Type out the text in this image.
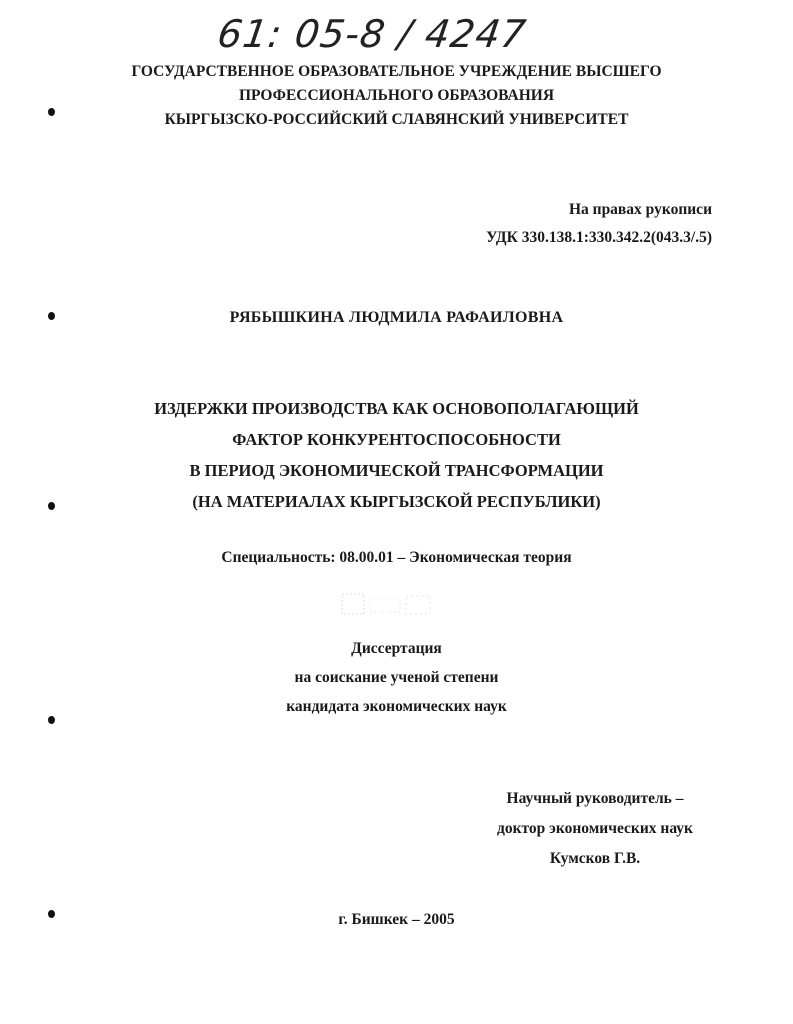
61: 05-8 / 4247
ГОСУДАРСТВЕННОЕ ОБРАЗОВАТЕЛЬНОЕ УЧРЕЖДЕНИЕ ВЫСШЕГО
ПРОФЕССИОНАЛЬНОГО ОБРАЗОВАНИЯ
КЫРГЫЗСКО-РОССИЙСКИЙ СЛАВЯНСКИЙ УНИВЕРСИТЕТ
На правах рукописи
УДК 330.138.1:330.342.2(043.3/.5)
РЯБЫШКИНА ЛЮДМИЛА РАФАИЛОВНА
ИЗДЕРЖКИ ПРОИЗВОДСТВА КАК ОСНОВОПОЛАГАЮЩИЙ
ФАКТОР КОНКУРЕНТОСПОСОБНОСТИ
В ПЕРИОД ЭКОНОМИЧЕСКОЙ ТРАНСФОРМАЦИИ
(НА МАТЕРИАЛАХ КЫРГЫЗСКОЙ РЕСПУБЛИКИ)
Специальность: 08.00.01 – Экономическая теория
Диссертация
на соискание ученой степени
кандидата экономических наук
Научный руководитель –
доктор экономических наук
Кумсков Г.В.
г. Бишкек – 2005
